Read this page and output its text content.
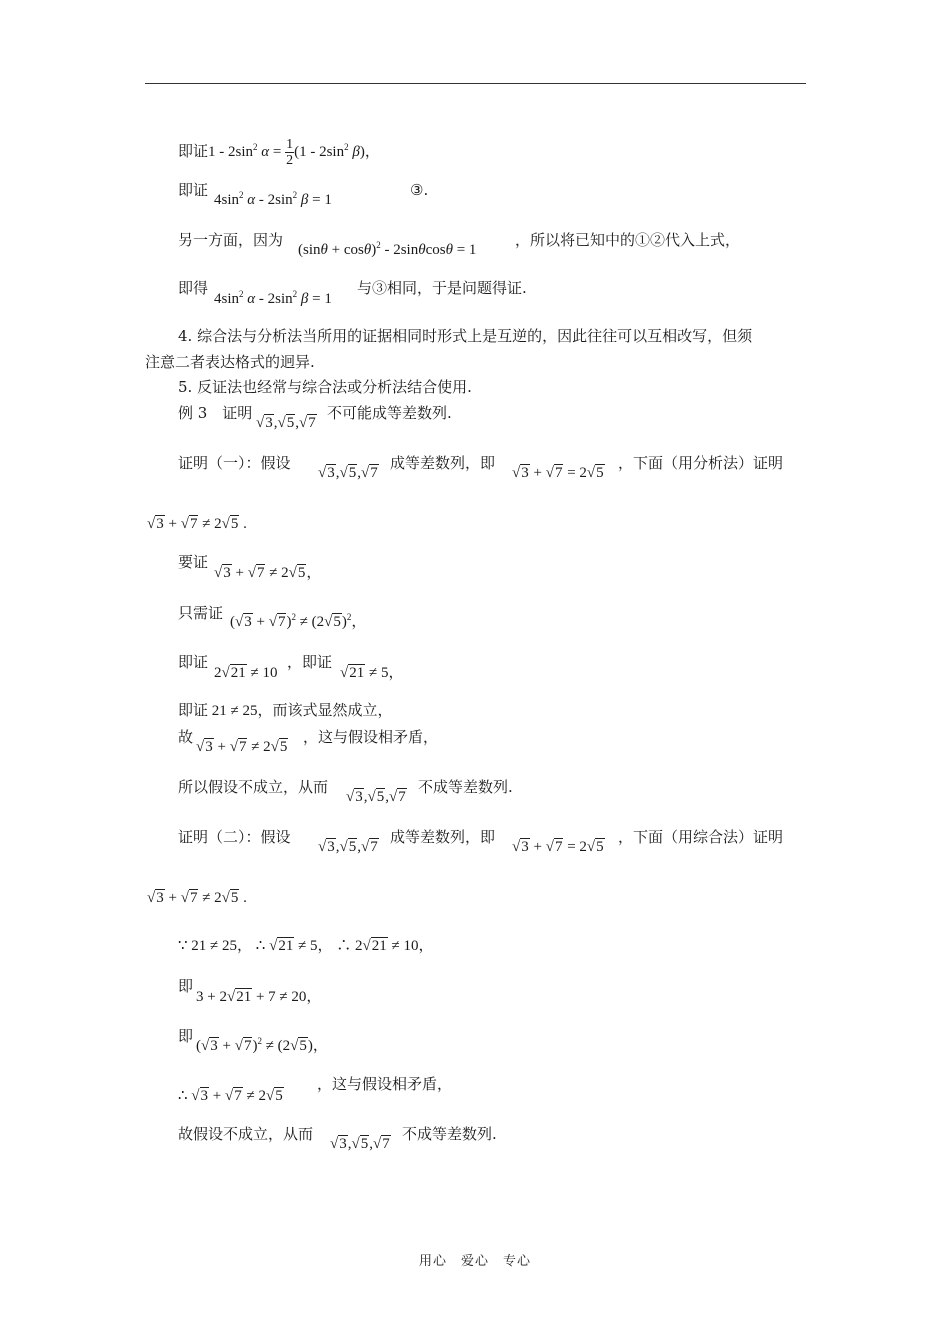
即证$1 - 2\sin^2$ $\alpha = \frac{1}{2} (1 - 2\sin^2$ β)，
即证
$4\sin^2$ α - $2\sin^2$ β = 1
③.
另一方面，因为
$(\sin\theta + \cos\theta)^2 - 2\sin\theta\cos\theta = 1$
，所以将已知中的①②代入上式，
即得
$4\sin^2$ α - $2\sin^2$ β = 1
与③相同，于是问题得证.
4. 综合法与分析法当所用的证据相同时形式上是互逆的，因此往往可以互相改写，但须
注意二者表达格式的迥异.
5. 反证法也经常与综合法或分析法结合使用.
例 3　证明
√3,√5,√7
不可能成等差数列.
证明（一）：假设
√3,√5,√7
成等差数列，即
√3 + √7 = 2√5
，下面（用分析法）证明
√3 + √7 ≠ 2√5 .
要证
√3 + √7 ≠ 2√5，
只需证 $(√3 + √7)^2 \ne (2√5)^2$，
即证
2√21 ≠ 10
，即证
√21 ≠ 5，
即证 21 ≠ 25，而该式显然成立，
故
√3 + √7 ≠ 2√5
，这与假设相矛盾，
所以假设不成立，从而
√3,√5,√7
不成等差数列.
证明（二）：假设
√3,√5,√7
成等差数列，即
√3 + √7 = 2√5
，下面（用综合法）证明
√3 + √7 ≠ 2√5 .
∵ 21 ≠ 25， ∴ √21 ≠ 5， ∴ 2√21 ≠ 10，
即
3 + 2√21 + 7 ≠ 20，
即
$(√3 + √7)^2 \ne (2√5)$，
∴ √3 + √7 ≠ 2√5
，这与假设相矛盾，
故假设不成立，从而
√3,√5,√7
不成等差数列.
用心　爱心　专心
